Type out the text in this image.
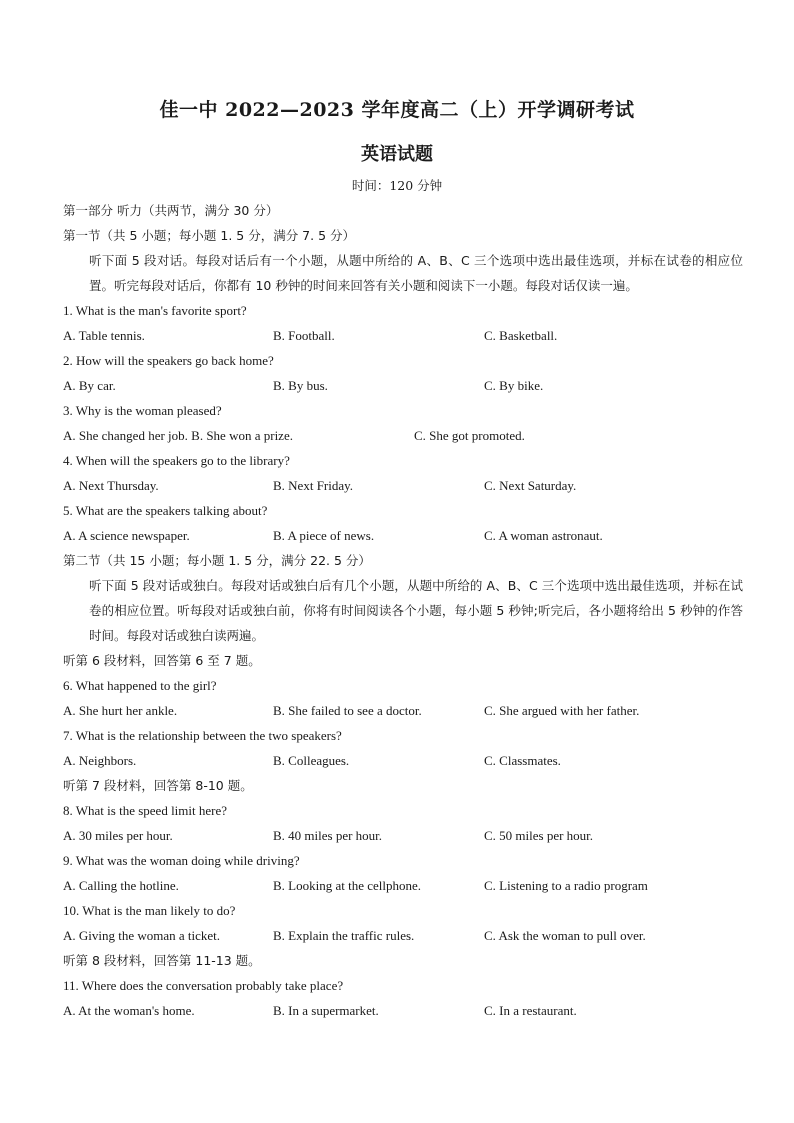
佳一中 2022—2023 学年度高二（上）开学调研考试
英语试题
时间：120 分钟
第一部分 听力（共两节，满分 30 分）
第一节（共 5 小题；每小题 1. 5 分，满分 7. 5 分）
听下面 5 段对话。每段对话后有一个小题，从题中所给的 A、B、C 三个选项中选出最佳选项，并标在试卷的相应位置。听完每段对话后，你都有 10 秒钟的时间来回答有关小题和阅读下一小题。每段对话仅读一遍。
1. What is the man's favorite sport?
A. Table tennis.	B. Football.	C. Basketball.
2. How will the speakers go back home?
A. By car.	B. By bus.	C. By bike.
3. Why is the woman pleased?
A. She changed her job. B. She won a prize.	C. She got promoted.
4. When will the speakers go to the library?
A. Next Thursday.	B. Next Friday.	C. Next Saturday.
5. What are the speakers talking about?
A. A science newspaper.	B. A piece of news.	C. A woman astronaut.
第二节（共 15 小题；每小题 1. 5 分，满分 22. 5 分）
听下面 5 段对话或独白。每段对话或独白后有几个小题，从题中所给的 A、B、C 三个选项中选出最佳选项，并标在试卷的相应位置。听每段对话或独白前，你将有时间阅读各个小题，每小题 5 秒钟;听完后，各小题将给出 5 秒钟的作答时间。每段对话或独白读两遍。
听第 6 段材料，回答第 6 至 7 题。
6. What happened to the girl?
A. She hurt her ankle.	B. She failed to see a doctor.	C. She argued with her father.
7. What is the relationship between the two speakers?
A. Neighbors.	B. Colleagues.	C. Classmates.
听第 7 段材料，回答第 8-10 题。
8. What is the speed limit here?
A. 30 miles per hour.	B. 40 miles per hour.	C. 50 miles per hour.
9. What was the woman doing while driving?
A. Calling the hotline.	B. Looking at the cellphone.	C. Listening to a radio program
10. What is the man likely to do?
A. Giving the woman a ticket.	B. Explain the traffic rules.	C. Ask the woman to pull over.
听第 8 段材料，回答第 11-13 题。
11. Where does the conversation probably take place?
A. At the woman's home.	B. In a supermarket.	C. In a restaurant.
